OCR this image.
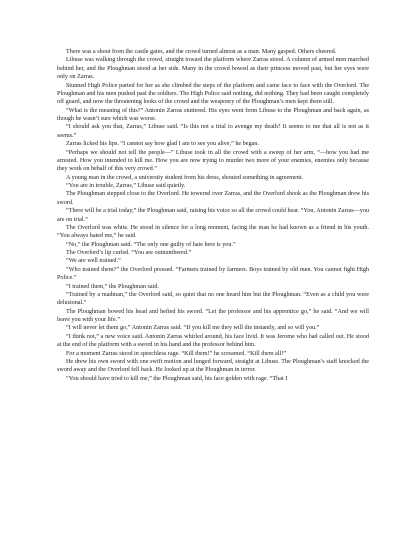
There was a shout from the castle gates, and the crowd turned almost as a man. Many gasped. Others cheered.

Libuse was walking through the crowd, straight toward the platform where Zarras stood. A column of armed men marched behind her, and the Ploughman stood at her side. Many in the crowd bowed as their princess moved past, but her eyes were only on Zarras.

Stunned High Police parted for her as she climbed the steps of the platform and came face to face with the Overlord. The Ploughman and his men pushed past the soldiers. The High Police said nothing, did nothing. They had been caught completely off guard, and now the threatening looks of the crowd and the weaponry of the Ploughman’s men kept them still.

“What is the meaning of this?” Antonin Zarras stuttered. His eyes went from Libuse to the Ploughman and back again, as though he wasn’t sure which was worse.

“I should ask you that, Zarras,” Libuse said. “Is this not a trial to avenge my death? It seems to me that all is not as it seems.”

Zarras licked his lips. “I cannot say how glad I am to see you alive,” he began.

“Perhaps we should not tell the people—” Libuse took in all the crowd with a sweep of her arm, “—how you had me arrested. How you intended to kill me. How you are now trying to murder two more of your enemies, enemies only because they work on behalf of this very crowd.”

A young man in the crowd, a university student from his dress, shouted something in agreement.

“You are in trouble, Zarras,” Libuse said quietly.

The Ploughman stepped close to the Overlord. He towered over Zarras, and the Overlord shook as the Ploughman drew his sword.

“There will be a trial today,” the Ploughman said, raising his voice so all the crowd could hear. “You, Antonin Zarras—you are on trial.”

The Overlord was white. He stood in silence for a long moment, facing the man he had known as a friend in his youth. “You always hated me,” he said.

“No,” the Ploughman said. “The only one guilty of hate here is you.”

The Overlord’s lip curled. “You are outnumbered.”

“We are well trained.”

“Who trained them?” the Overlord pressed. “Farmers trained by farmers. Boys trained by old men. You cannot fight High Police.”

“I trained them,” the Ploughman said.

“Trained by a madman,” the Overlord said, so quiet that no one heard him but the Ploughman. “Even as a child you were delusional.”

The Ploughman bowed his head and hefted his sword. “Let the professor and his apprentice go,” he said. “And we will leave you with your life.”

“I will never let them go,” Antonin Zarras said. “If you kill me they will die instantly, and so will you.”

“I think not,” a new voice said. Antonin Zarras whirled around, his face livid. It was Jerome who had called out. He stood at the end of the platform with a sword in his hand and the professor behind him.

For a moment Zarras stood in speechless rage. “Kill them!” he screamed. “Kill them all!”

He drew his own sword with one swift motion and lunged forward, straight at Libuse. The Ploughman’s staff knocked the sword away and the Overlord fell back. He looked up at the Ploughman in terror.

“You should have tried to kill me,” the Ploughman said, his face golden with rage. “That I
